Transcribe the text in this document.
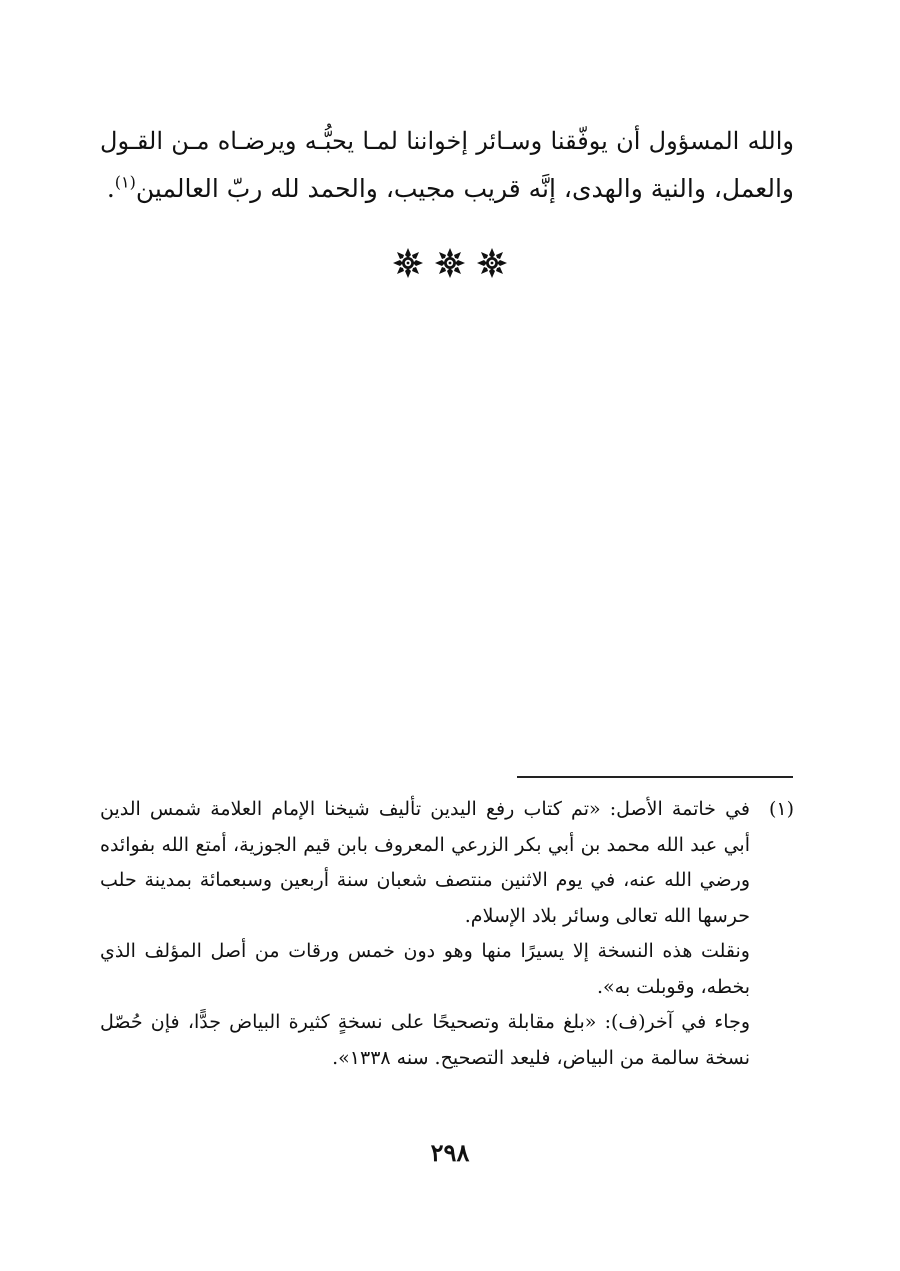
والله المسؤول أن يوفّقنا وسـائر إخواننا لمـا يحبُّـه ويرضـاه مـن القـول
والعمل، والنية والهدى، إنَّه قريب مجيب، والحمد لله ربّ العالمين$^{(١)}$.
(١)
في خاتمة الأصل: «تم كتاب رفع اليدين تأليف شيخنا الإمام العلامة شمس الدين
أبي عبد الله محمد بن أبي بكر الزرعي المعروف بابن قيم الجوزية، أمتع الله بفوائده
ورضي الله عنه، في يوم الاثنين منتصف شعبان سنة أربعين وسبعمائة بمدينة حلب
حرسها الله تعالى وسائر بلاد الإسلام.
ونقلت هذه النسخة إلا يسيرًا منها وهو دون خمس ورقات من أصل المؤلف الذي
بخطه، وقوبلت به».
وجاء في آخر(ف): «بلغ مقابلة وتصحيحًا على نسخةٍ كثيرة البياض جدًّا، فإن حُصّل
نسخة سالمة من البياض، فليعد التصحيح. سنه ١٣٣٨».
٢٩٨
